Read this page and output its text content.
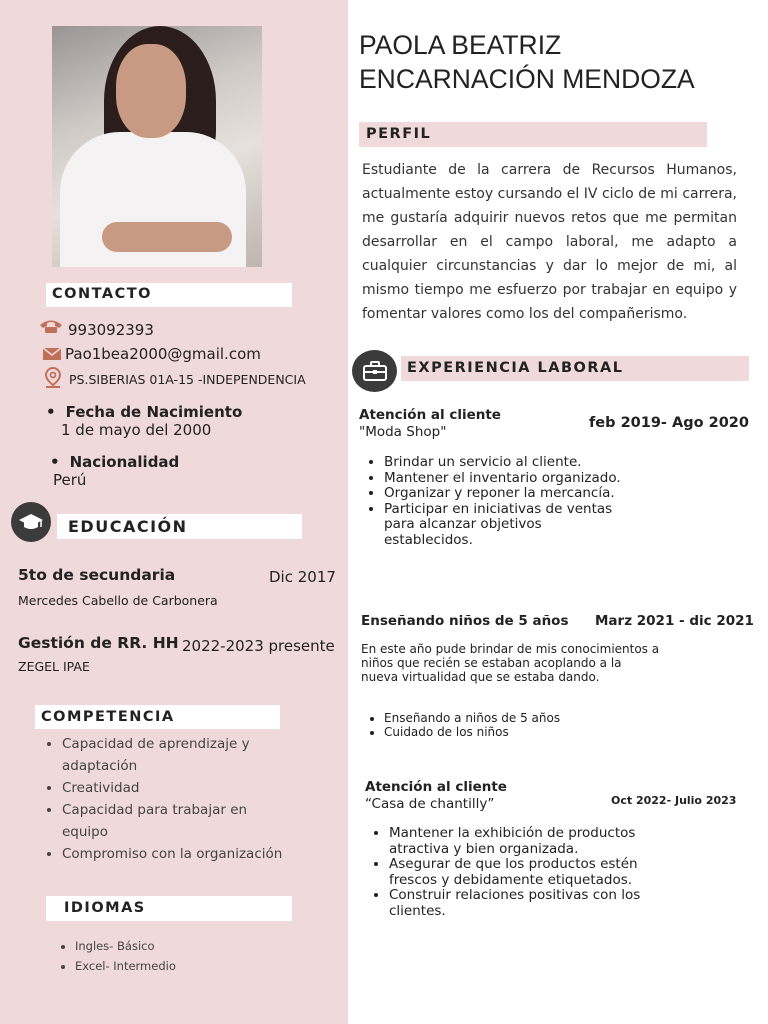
CONTACTO
993092393
Pao1bea2000@gmail.com
PS.SIBERIAS 01A-15 -INDEPENDENCIA
• Fecha de Nacimiento
1 de mayo del 2000
• Nacionalidad
Perú
EDUCACIÓN
5to de secundaria	Dic 2017
Mercedes Cabello de Carbonera
Gestión de RR. HH 2022-2023 presente
ZEGEL IPAE
COMPETENCIA
• Capacidad de aprendizaje y adaptación
• Creatividad
• Capacidad para trabajar en equipo
• Compromiso con la organización
IDIOMAS
• Ingles- Básico
• Excel- Intermedio
PAOLA BEATRIZ
ENCARNACIÓN MENDOZA
PERFIL

Estudiante de la carrera de Recursos Humanos, actualmente estoy cursando el IV ciclo de mi carrera, me gustaría adquirir nuevos retos que me permitan desarrollar en el campo laboral, me adapto a cualquier circunstancias y dar lo mejor de mi, al mismo tiempo me esfuerzo por trabajar en equipo y fomentar valores como los del compañerismo.

EXPERIENCIA LABORAL
Atención al cliente
"Moda Shop"
feb 2019- Ago 2020
• Brindar un servicio al cliente.
• Mantener el inventario organizado.
• Organizar y reponer la mercancía.
• Participar en iniciativas de ventas para alcanzar objetivos establecidos.
Enseñando niños de 5 años Marz 2021 - dic 2021

En este año pude brindar de mis conocimientos a niños que recién se estaban acoplando a la nueva virtualidad que se estaba dando.

• Enseñando a niños de 5 años
• Cuidado de los niños
Atención al cliente
“Casa de chantilly”	Oct 2022- Julio 2023
• Mantener la exhibición de productos atractiva y bien organizada.
• Asegurar de que los productos estén frescos y debidamente etiquetados.
• Construir relaciones positivas con los clientes.
